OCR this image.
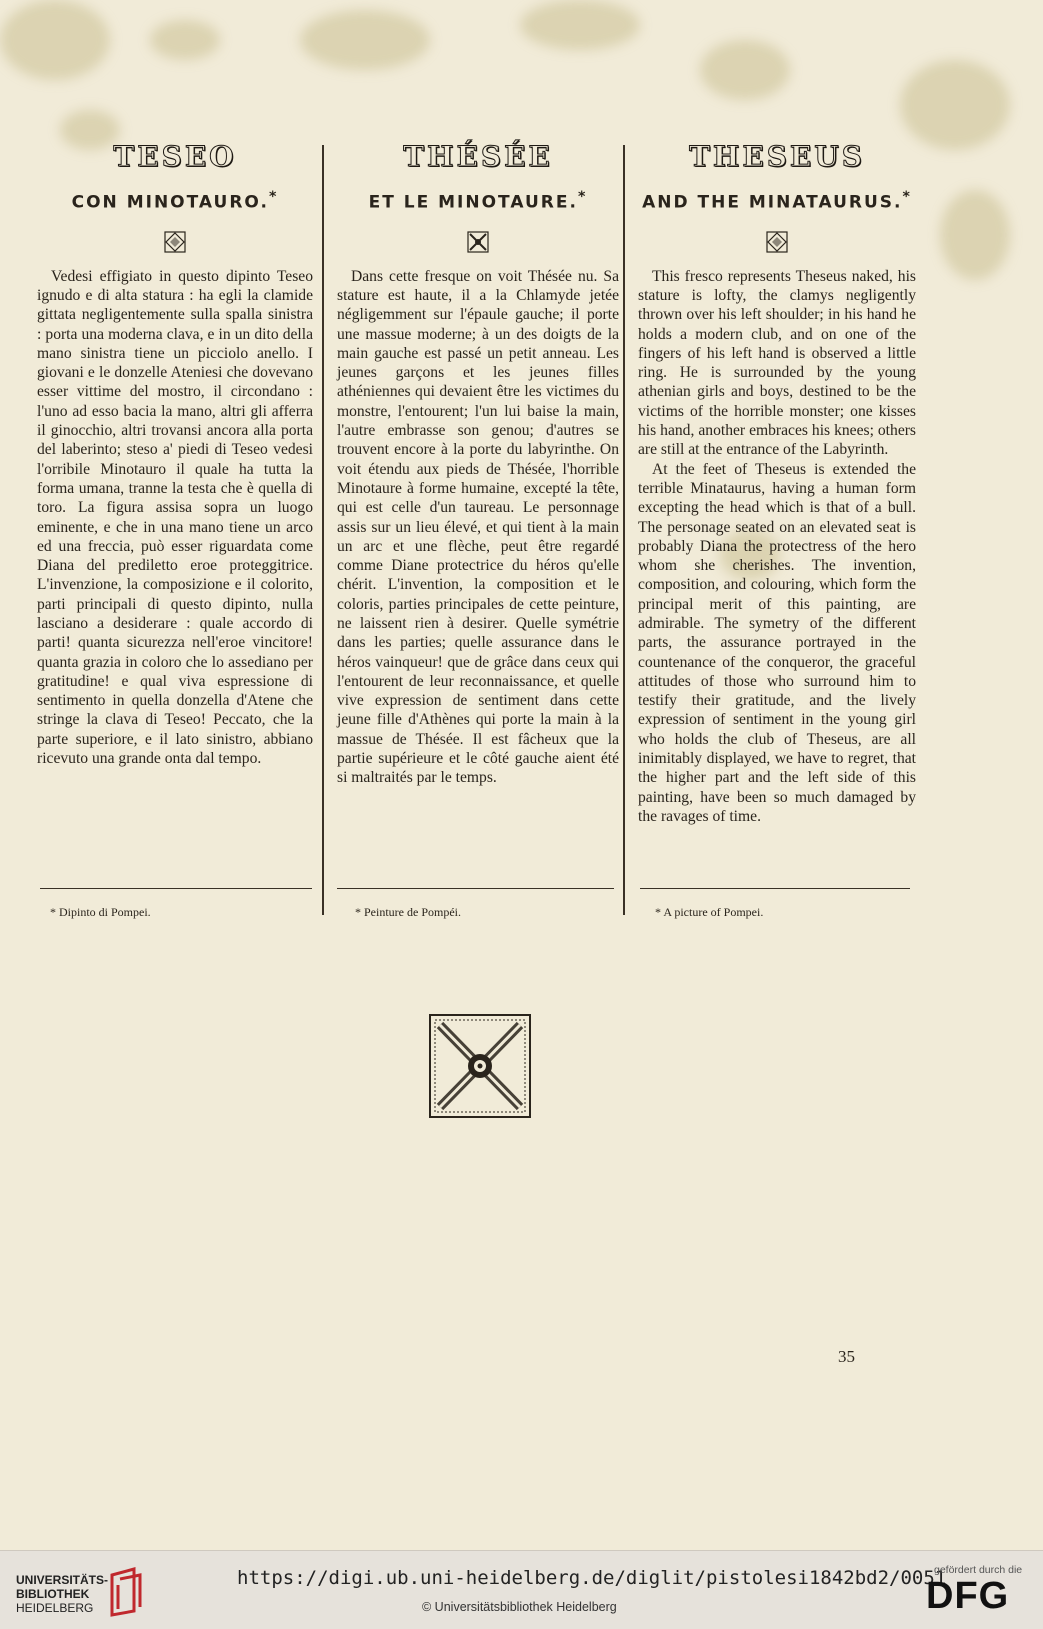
TESEO
CON MINOTAURO.*

Vedesi effigiato in questo dipinto Teseo ignudo e di alta statura : ha egli la clamide gittata negligentemente sulla spalla sinistra : porta una moderna clava, e in un dito della mano sinistra tiene un picciolo anello. I giovani e le donzelle Ateniesi che dovevano esser vittime del mostro, il circondano : l'uno ad esso bacia la mano, altri gli afferra il ginocchio, altri trovansi ancora alla porta del laberinto; steso a' piedi di Teseo vedesi l'orribile Minotauro il quale ha tutta la forma umana, tranne la testa che è quella di toro. La figura assisa sopra un luogo eminente, e che in una mano tiene un arco ed una freccia, può esser riguardata come Diana del prediletto eroe proteggitrice. L'invenzione, la composizione e il colorito, parti principali di questo dipinto, nulla lasciano a desiderare : quale accordo di parti! quanta sicurezza nell'eroe vincitore! quanta grazia in coloro che lo assediano per gratitudine! e qual viva espressione di sentimento in quella donzella d'Atene che stringe la clava di Teseo! Peccato, che la parte superiore, e il lato sinistro, abbiano ricevuto una grande onta dal tempo.

THÉSÉE
ET LE MINOTAURE.*

Dans cette fresque on voit Thésée nu. Sa stature est haute, il a la Chlamyde jetée négligemment sur l'épaule gauche; il porte une massue moderne; à un des doigts de la main gauche est passé un petit anneau. Les jeunes garçons et les jeunes filles athéniennes qui devaient être les victimes du monstre, l'entourent; l'un lui baise la main, l'autre embrasse son genou; d'autres se trouvent encore à la porte du labyrinthe. On voit étendu aux pieds de Thésée, l'horrible Minotaure à forme humaine, excepté la tête, qui est celle d'un taureau. Le personnage assis sur un lieu élevé, et qui tient à la main un arc et une flèche, peut être regardé comme Diane protectrice du héros qu'elle chérit. L'invention, la composition et le coloris, parties principales de cette peinture, ne laissent rien à desirer. Quelle symétrie dans les parties; quelle assurance dans le héros vainqueur! que de grâce dans ceux qui l'entourent de leur reconnaissance, et quelle vive expression de sentiment dans cette jeune fille d'Athènes qui porte la main à la massue de Thésée. Il est fâcheux que la partie supérieure et le côté gauche aient été si maltraités par le temps.

THESEUS
AND THE MINATAURUS.*

This fresco represents Theseus naked, his stature is lofty, the clamys negligently thrown over his left shoulder; in his hand he holds a modern club, and on one of the fingers of his left hand is observed a little ring. He is surrounded by the young athenian girls and boys, destined to be the victims of the horrible monster; one kisses his hand, another embraces his knees; others are still at the entrance of the Labyrinth.

At the feet of Theseus is extended the terrible Minataurus, having a human form excepting the head which is that of a bull. The personage seated on an elevated seat is probably Diana the protectress of the hero whom she cherishes. The invention, composition, and colouring, which form the principal merit of this painting, are admirable. The symetry of the different parts, the assurance portrayed in the countenance of the conqueror, the graceful attitudes of those who surround him to testify their gratitude, and the lively expression of sentiment in the young girl who holds the club of Theseus, are all inimitably displayed, we have to regret, that the higher part and the left side of this painting, have been so much damaged by the ravages of time.

* Dipinto di Pompei.	* Peinture de Pompéi.	* A picture of Pompei.
35
UNIVERSITÄTS-
BIBLIOTHEK
HEIDELBERG
https://digi.ub.uni-heidelberg.de/diglit/pistolesi1842bd2/0051
© Universitätsbibliothek Heidelberg
gefördert durch die
DFG
